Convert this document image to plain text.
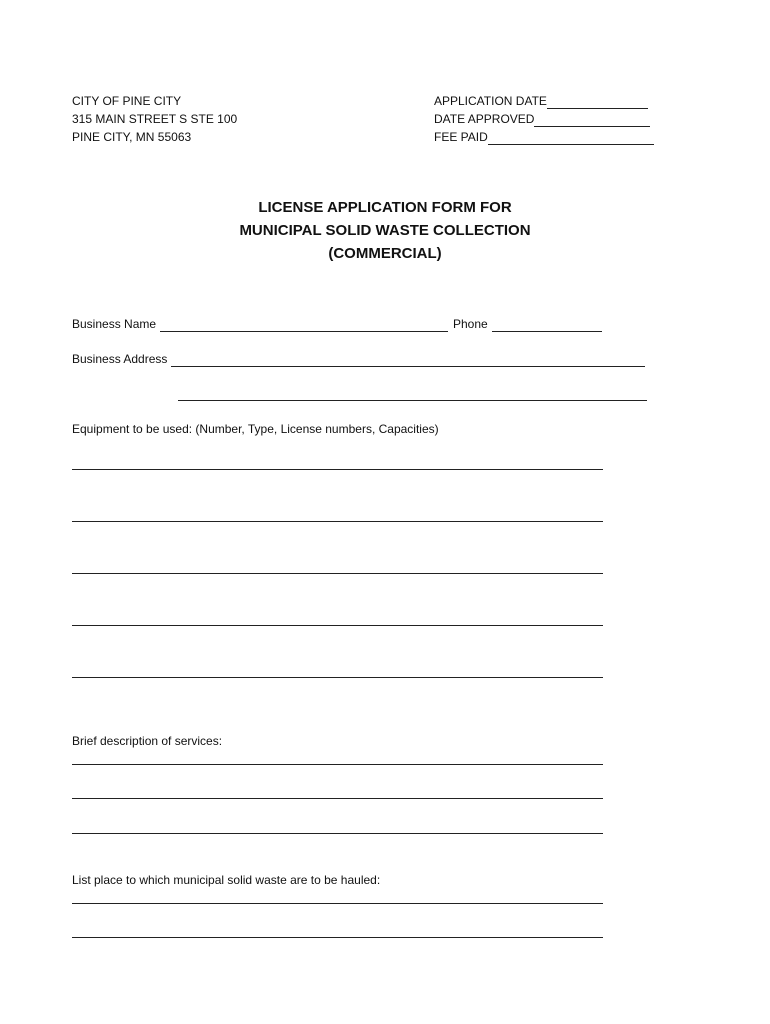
CITY OF PINE CITY
315 MAIN STREET S STE 100
PINE CITY, MN 55063
APPLICATION DATE
DATE APPROVED
FEE PAID
LICENSE APPLICATION FORM FOR
MUNICIPAL SOLID WASTE COLLECTION
(COMMERCIAL)
Business Name	Phone
Business Address
Equipment to be used: (Number, Type, License numbers, Capacities)
Brief description of services:
List place to which municipal solid waste are to be hauled:
